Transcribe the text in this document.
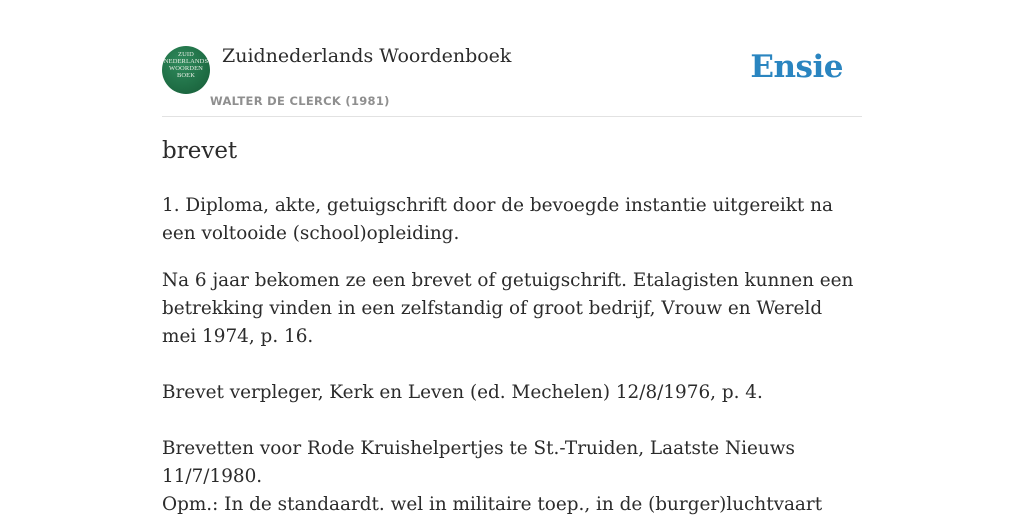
ZUID
NEDERLANDS
WOORDEN
BOEK
Zuidnederlands Woordenboek
WALTER DE CLERCK (1981)
Ensie
brevet

1. Diploma, akte, getuigschrift door de bevoegde instantie uitgereikt na een voltooide (school)opleiding.

Na 6 jaar bekomen ze een brevet of getuigschrift. Etalagisten kunnen een betrekking vinden in een zelfstandig of groot bedrijf, Vrouw en Wereld mei 1974, p. 16.

Brevet verpleger, Kerk en Leven (ed. Mechelen) 12/8/1976, p. 4.

Brevetten voor Rode Kruishelpertjes te St.-Truiden, Laatste Nieuws 11/7/1980.

Opm.: In de standaardt. wel in militaire toep., in de (burger)luchtvaart
